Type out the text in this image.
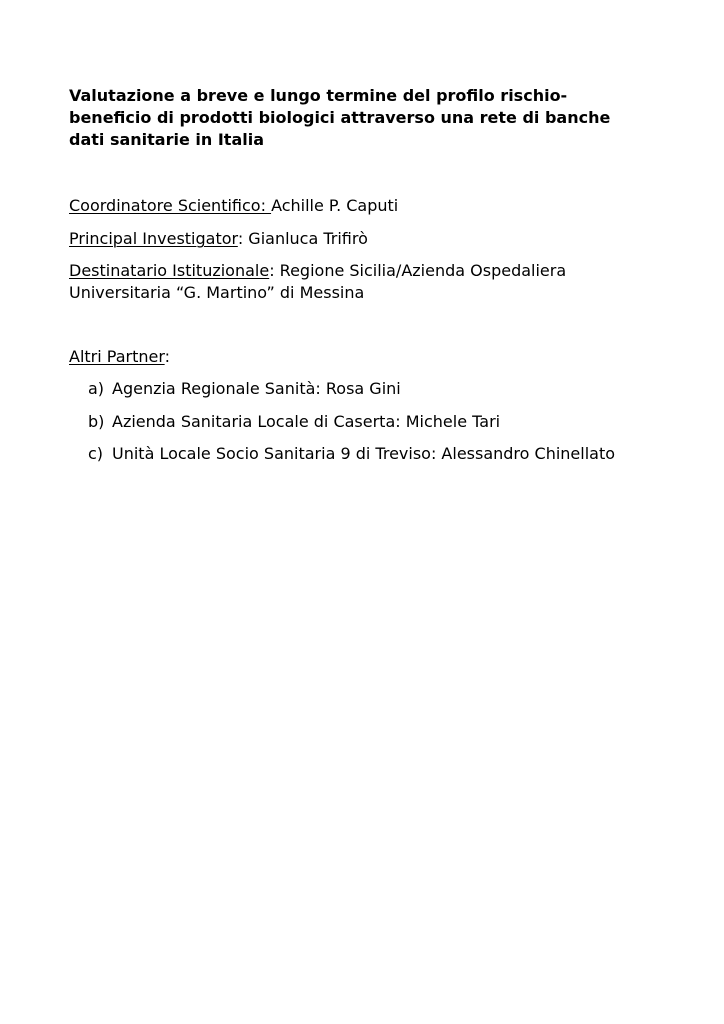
Valutazione a breve e lungo termine del profilo rischio-
beneficio di prodotti biologici attraverso una rete di banche
dati sanitarie in Italia

Coordinatore Scientifico: Achille P. Caputi

Principal Investigator: Gianluca Trifirò

Destinatario Istituzionale: Regione Sicilia/Azienda Ospedaliera

Universitaria “G. Martino” di Messina

Altri Partner:

a) Agenzia Regionale Sanità: Rosa Gini
b) Azienda Sanitaria Locale di Caserta: Michele Tari
c) Unità Locale Socio Sanitaria 9 di Treviso: Alessandro Chinellato
